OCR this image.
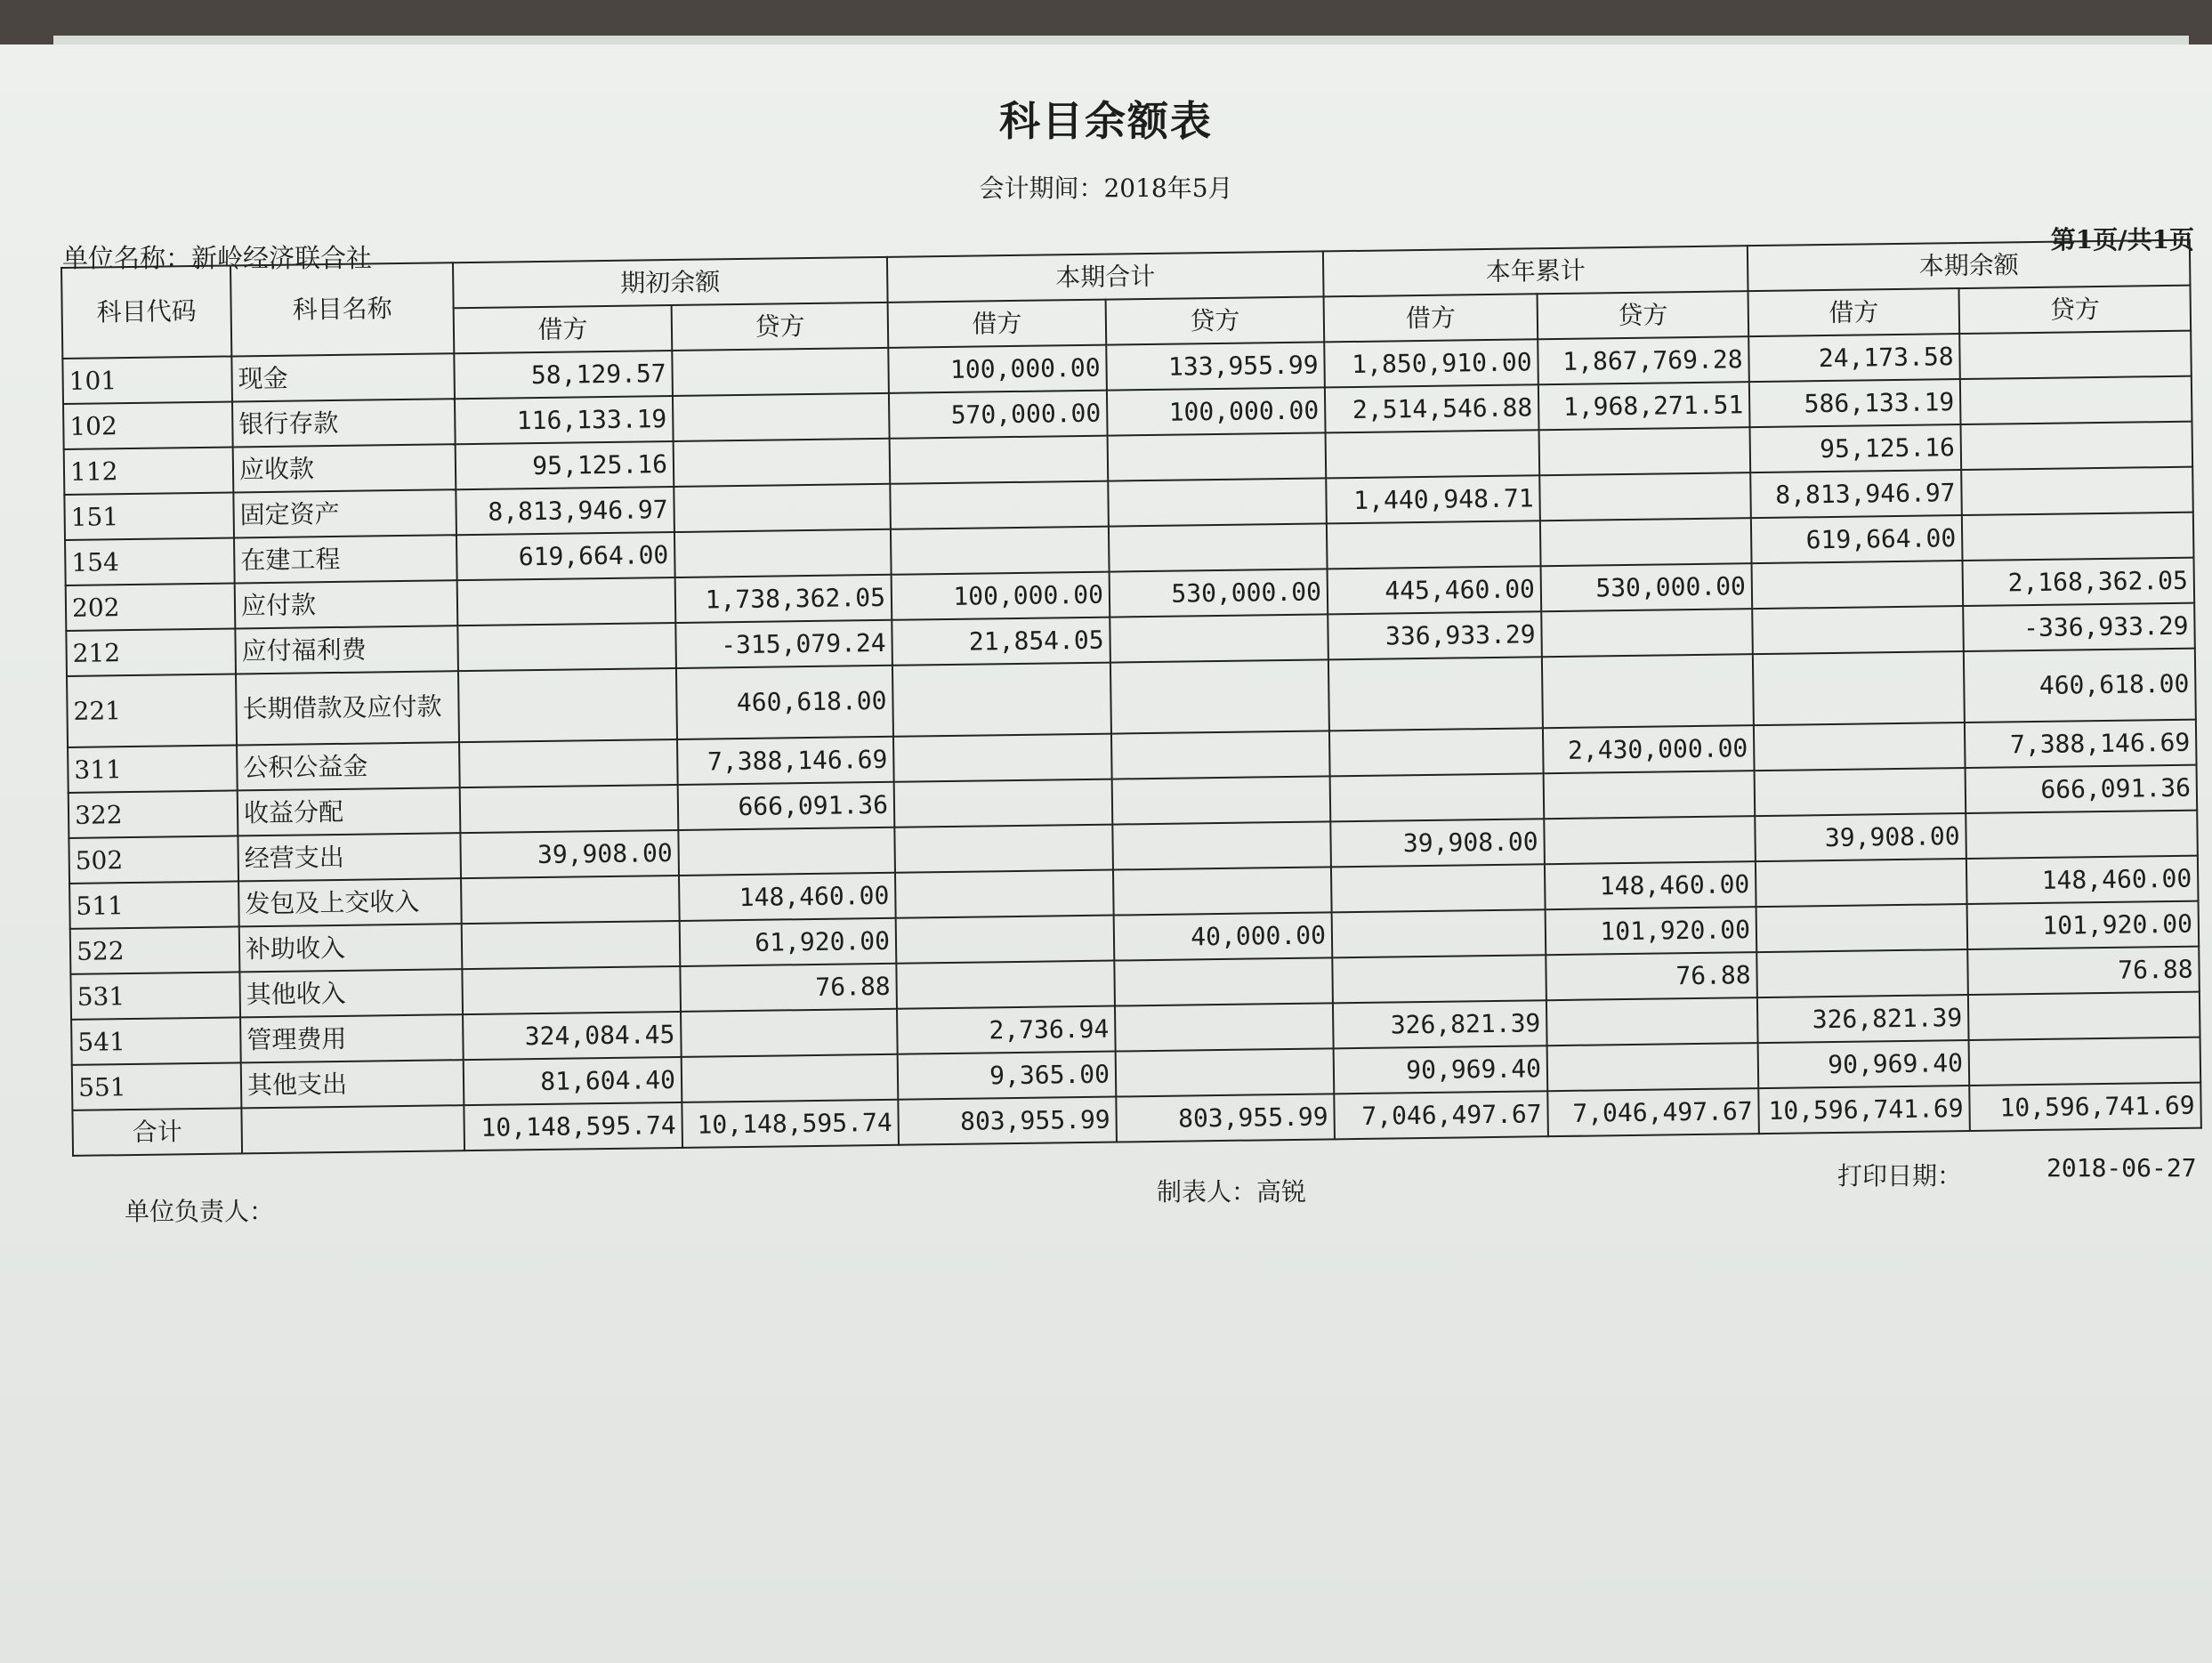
科目余额表
会计期间：2018年5月
单位名称：新岭经济联合社
第1页/共1页
科目代码	科目名称	期初余额		本期合计		本年累计		本期余额	
		借方	贷方	借方	贷方	借方	贷方	借方	贷方
101	现金	58,129.57		100,000.00	133,955.99	1,850,910.00	1,867,769.28	24,173.58	
102	银行存款	116,133.19		570,000.00	100,000.00	2,514,546.88	1,968,271.51	586,133.19	
112	应收款	95,125.16						95,125.16	
151	固定资产	8,813,946.97				1,440,948.71		8,813,946.97	
154	在建工程	619,664.00						619,664.00	
202	应付款		1,738,362.05	100,000.00	530,000.00	445,460.00	530,000.00		2,168,362.05
212	应付福利费		-315,079.24	21,854.05		336,933.29			-336,933.29
221	长期借款及应付款		460,618.00						460,618.00
311	公积公益金		7,388,146.69				2,430,000.00		7,388,146.69
322	收益分配		666,091.36						666,091.36
502	经营支出	39,908.00				39,908.00		39,908.00	
511	发包及上交收入		148,460.00				148,460.00		148,460.00
522	补助收入		61,920.00		40,000.00		101,920.00		101,920.00
531	其他收入		76.88				76.88		76.88
541	管理费用	324,084.45		2,736.94		326,821.39		326,821.39	
551	其他支出	81,604.40		9,365.00		90,969.40		90,969.40	
合计		10,148,595.74	10,148,595.74	803,955.99	803,955.99	7,046,497.67	7,046,497.67	10,596,741.69	10,596,741.69
单位负责人：
制表人：高锐
打印日期：	2018-06-27
